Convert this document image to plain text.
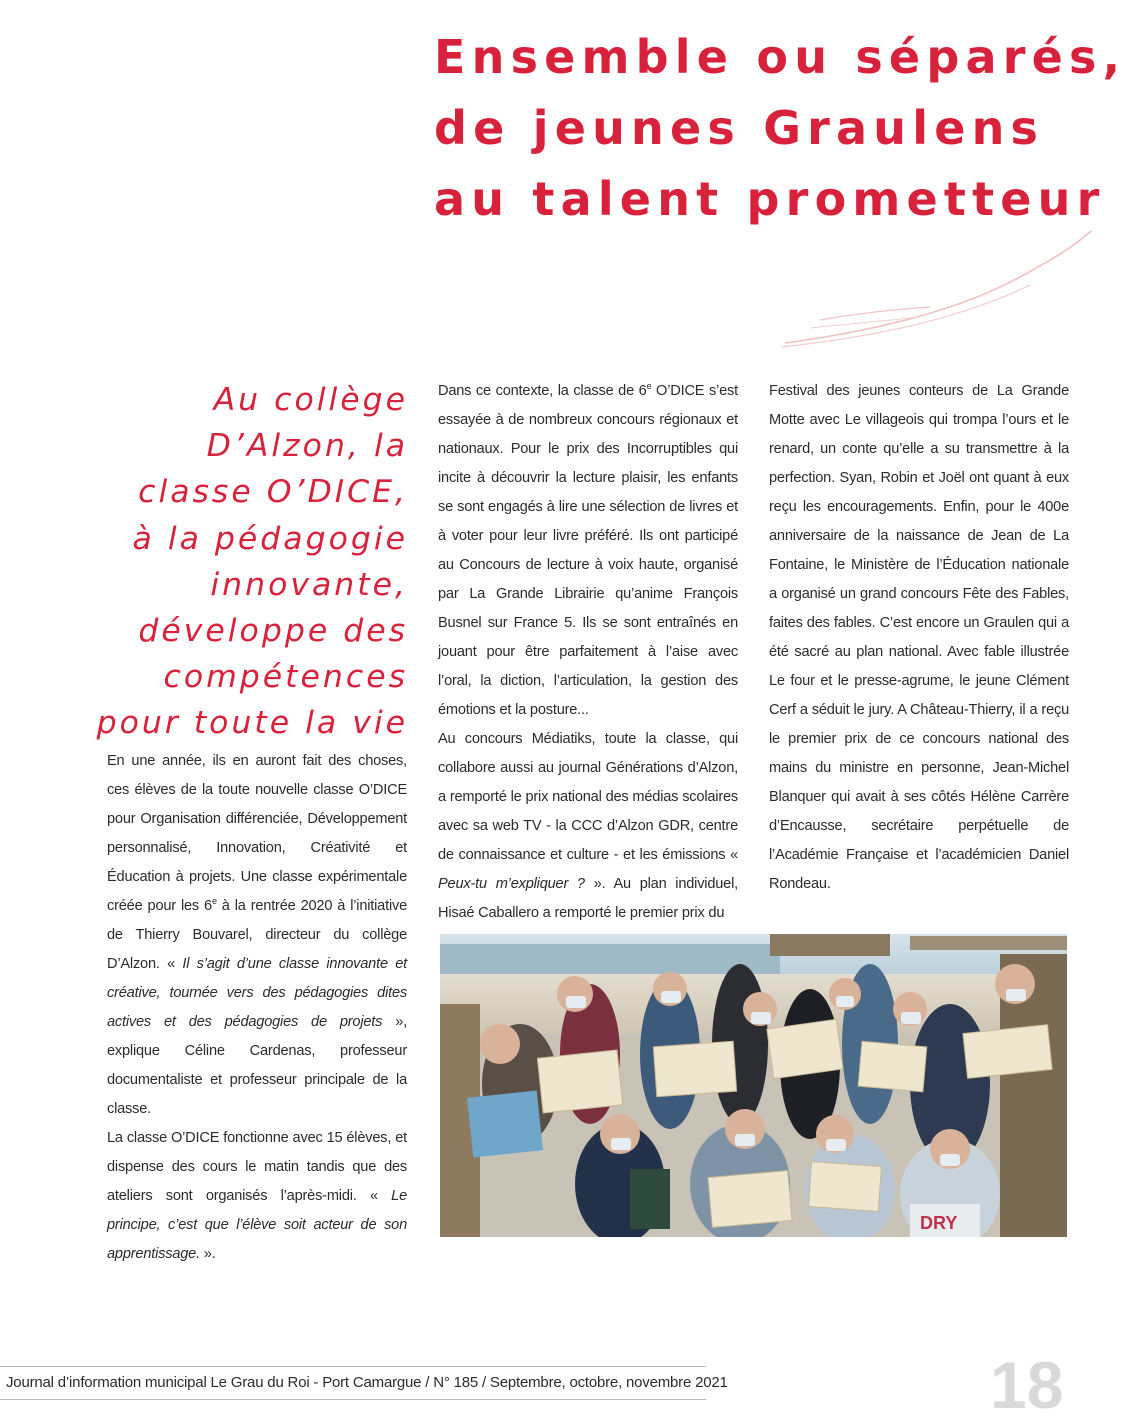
Ensemble ou séparés,
de jeunes Graulens
au talent prometteur
Au collège
D’Alzon, la
classe O’DICE,
à la pédagogie
innovante,
développe des
compétences
pour toute la vie

En une année, ils en auront fait des choses, ces élèves de la toute nouvelle classe O’DICE pour Organisation différenciée, Développement personnalisé, Innovation, Créativité et Éducation à projets. Une classe expérimentale créée pour les 6e à la rentrée 2020 à l’initiative de Thierry Bouvarel, directeur du collège D’Alzon. « Il s’agit d’une classe innovante et créative, tournée vers des pédagogies dites actives et des pédagogies de projets », explique Céline Cardenas, professeur documentaliste et professeur principale de la classe.

La classe O’DICE fonctionne avec 15 élèves, et dispense des cours le matin tandis que des ateliers sont organisés l’après-midi. « Le principe, c’est que l’élève soit acteur de son apprentissage. ».

Dans ce contexte, la classe de 6e O’DICE s’est essayée à de nombreux concours régionaux et nationaux. Pour le prix des Incorruptibles qui incite à découvrir la lecture plaisir, les enfants se sont engagés à lire une sélection de livres et à voter pour leur livre préféré. Ils ont participé au Concours de lecture à voix haute, organisé par La Grande Librairie qu’anime François Busnel sur France 5. Ils se sont entraînés en jouant pour être parfaitement à l’aise avec l’oral, la diction, l’articulation, la gestion des émotions et la posture...

Au concours Médiatiks, toute la classe, qui collabore aussi au journal Générations d’Alzon, a remporté le prix national des médias scolaires avec sa web TV - la CCC d’Alzon GDR, centre de connaissance et culture - et les émissions « Peux-tu m’expliquer ? ». Au plan individuel, Hisaé Caballero a remporté le premier prix du

Festival des jeunes conteurs de La Grande Motte avec Le villageois qui trompa l’ours et le renard, un conte qu’elle a su transmettre à la perfection. Syan, Robin et Joël ont quant à eux reçu les encouragements. Enfin, pour le 400e anniversaire de la naissance de Jean de La Fontaine, le Ministère de l’Éducation nationale a organisé un grand concours Fête des Fables, faites des fables. C’est encore un Graulen qui a été sacré au plan national. Avec fable illustrée Le four et le presse-agrume, le jeune Clément Cerf a séduit le jury. A Château-Thierry, il a reçu le premier prix de ce concours national des mains du ministre en personne, Jean-Michel Blanquer qui avait à ses côtés Hélène Carrère d’Encausse, secrétaire perpétuelle de l’Académie Française et l’académicien Daniel Rondeau.

DRY
Journal d’information municipal Le Grau du Roi - Port Camargue / N° 185 / Septembre, octobre, novembre 2021	18
